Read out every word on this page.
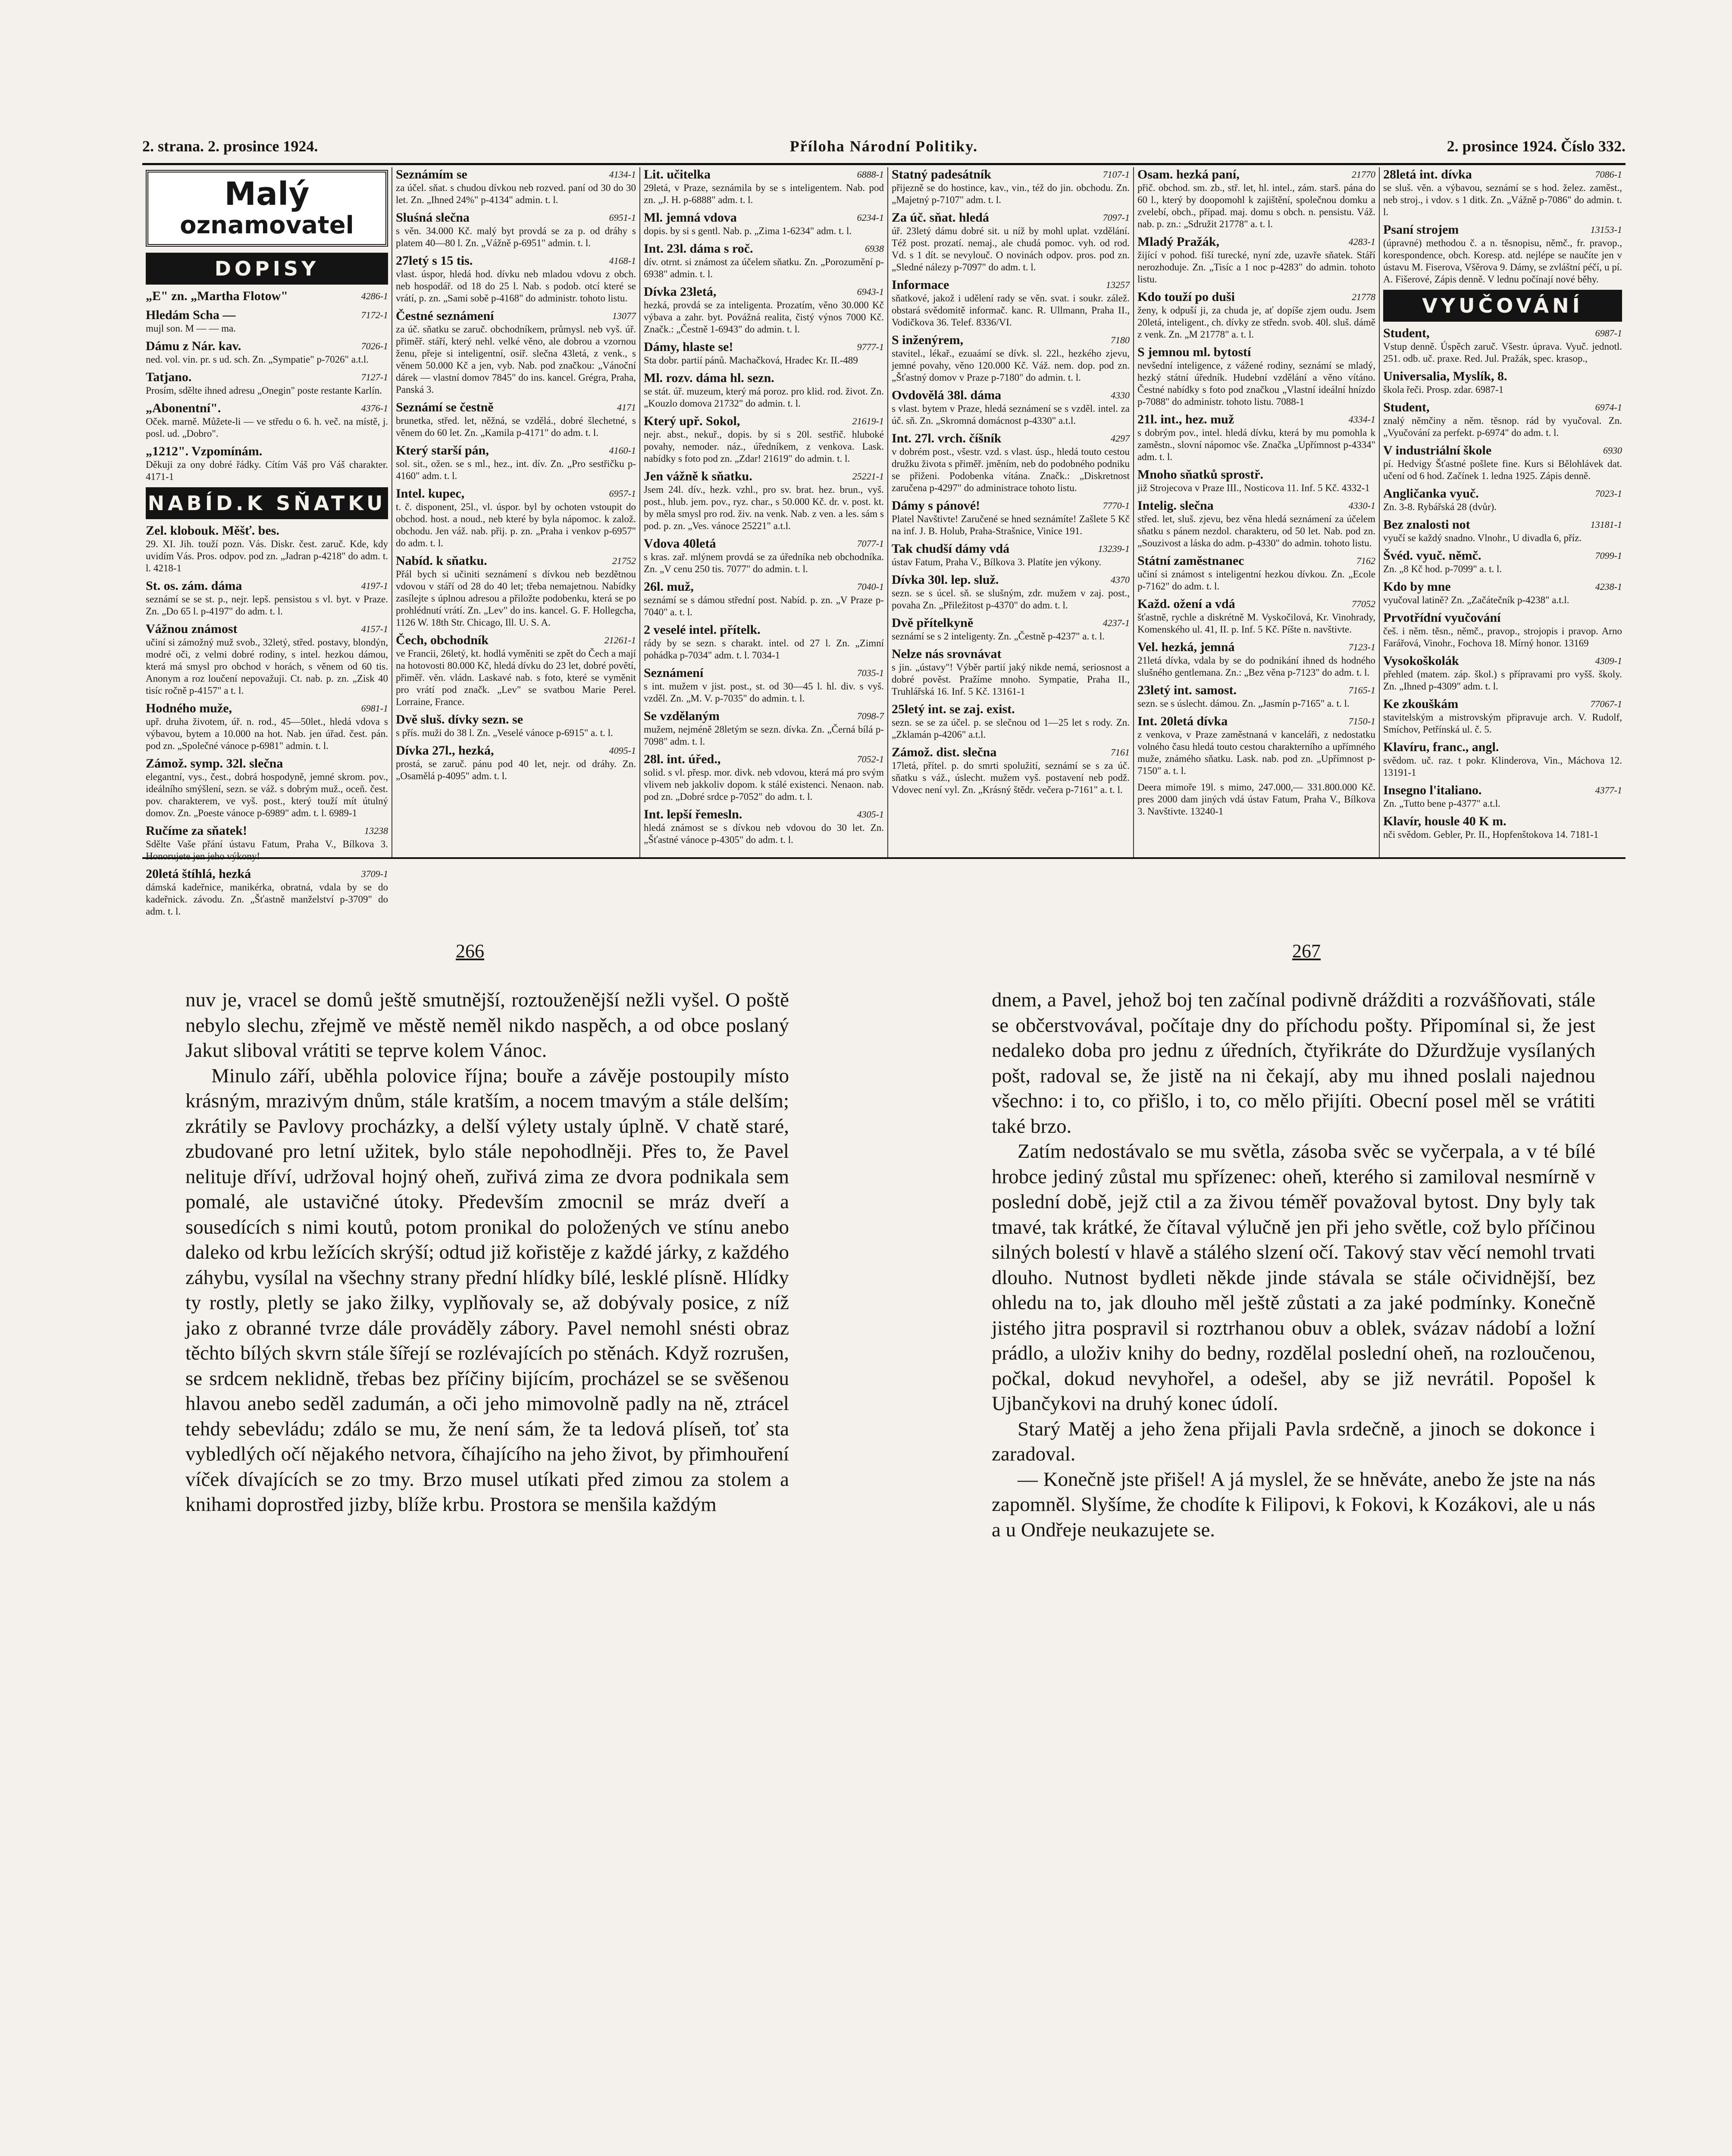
2. strana. 2. prosince 1924.	Příloha Národní Politiky.	2. prosince 1924. Číslo 332.
Malý
oznamovatel
DOPISY
„E" zn. „Martha Flotow"	4286-1
Hledám Scha —	7172-1
mujl son. M — — ma.
Dámu z Nár. kav.	7026-1
ned. vol. vin. pr. s ud. sch. Zn. „Sympatie" p-7026" a.t.l.
Tatjano.	7127-1
Prosím, sdělte ihned adresu „Onegin" poste restante Karlín.
„Abonentní".	4376-1
Oček. marně. Můžete-li — ve středu o 6. h. več. na místě, j. posl. ud. „Dobro".
„1212". Vzpomínám.
Děkuji za ony dobré řádky. Cítím Váš pro Váš charakter. 4171-1
NABÍD.K SŇATKU
Zel. klobouk. Měšť. bes.
29. XI. Jih. touží pozn. Vás. Diskr. čest. zaruč. Kde, kdy uvidím Vás. Pros. odpov. pod zn. „Jadran p-4218" do adm. t. l. 4218-1
St. os. zám. dáma	4197-1
seznámí se se st. p., nejr. lepš. pensistou s vl. byt. v Praze. Zn. „Do 65 l. p-4197" do adm. t. l.
Vážnou známost	4157-1
učiní si zámožný muž svob., 32letý, střed. postavy, blondýn, modré oči, z velmi dobré rodiny, s intel. hezkou dámou, která má smysl pro obchod v horách, s věnem od 60 tis. Anonym a roz loučení nepovažuji. Ct. nab. p. zn. „Zisk 40 tisíc ročně p-4157" a t. l.
Hodného muže,	6981-1
upř. druha životem, úř. n. rod., 45—50let., hledá vdova s výbavou, bytem a 10.000 na hot. Nab. jen úřad. čest. pán. pod zn. „Společné vánoce p-6981" admin. t. l.
Zámož. symp. 32l. slečna
elegantní, vys., čest., dobrá hospodyně, jemné skrom. pov., ideálního smýšlení, sezn. se váž. s dobrým muž., oceň. čest. pov. charakterem, ve vyš. post., který touží mít útulný domov. Zn. „Poeste vánoce p-6989" adm. t. l. 6989-1
Ručíme za sňatek!	13238
Sdělte Vaše přání ústavu Fatum, Praha V., Bílkova 3. Honorujete jen jeho výkony!
20letá štíhlá, hezká	3709-1
dámská kadeřnice, manikérka, obratná, vdala by se do kadeřnick. závodu. Zn. „Šťastně manželství p-3709" do adm. t. l.
Seznámím se	4134-1
za účel. sňat. s chudou dívkou neb rozved. paní od 30 do 30 let. Zn. „Ihned 24%" p-4134" admin. t. l.
Sluśná slečna	6951-1
s věn. 34.000 Kč. malý byt provdá se za p. od dráhy s platem 40—80 l. Zn. „Vážně p-6951" admin. t. l.
27letý s 15 tis.	4168-1
vlast. úspor, hledá hod. dívku neb mladou vdovu z obch. neb hospodář. od 18 do 25 l. Nab. s podob. otcí které se vrátí, p. zn. „Sami sobě p-4168" do administr. tohoto listu.
Čestné seznámení	13077
za úč. sňatku se zaruč. obchodníkem, průmysl. neb vyš. úř. přiměř. stáří, který nehl. velké věno, ale dobrou a vzornou ženu, přeje si inteligentní, osiř. slečna 43letá, z venk., s věnem 50.000 Kč a jen, vyb. Nab. pod značkou: „Vánoční dárek — vlastní domov 7845" do ins. kancel. Grégra, Praha, Panská 3.
Seznámí se čestně	4171
brunetka, střed. let, něžná, se vzdělá., dobré šlechetné, s věnem do 60 let. Zn. „Kamila p-4171" do adm. t. l.
Který starší pán,	4160-1
sol. sit., ožen. se s ml., hez., int. dív. Zn. „Pro sestřičku p-4160" adm. t. l.
Intel. kupec,	6957-1
t. č. disponent, 25l., vl. úspor. byl by ochoten vstoupit do obchod. host. a noud., neb které by byla nápomoc. k založ. obchodu. Jen váž. nab. přij. p. zn. „Praha i venkov p-6957" do adm. t. l.
Nabíd. k sňatku.	21752
Přál bych si učiniti seznámení s dívkou neb bezdětnou vdovou v stáří od 28 do 40 let; třeba nemajetnou. Nabídky zasílejte s úplnou adresou a přiložte podobenku, která se po prohlédnutí vrátí. Zn. „Lev" do ins. kancel. G. F. Hollegcha, 1126 W. 18th Str. Chicago, Ill. U. S. A.
Čech, obchodník	21261-1
ve Francii, 26letý, kt. hodlá vyměniti se zpět do Čech a mají na hotovosti 80.000 Kč, hledá dívku do 23 let, dobré povětí, přiměř. věn. vládn. Laskavé nab. s foto, které se vyměnit pro vrátí pod značk. „Lev" se svatbou Marie Perel. Lorraine, France.
Dvě sluš. dívky sezn. se
s přís. muži do 38 l. Zn. „Veselé vánoce p-6915" a. t. l.
Dívka 27l., hezká,	4095-1
prostá, se zaruč. pánu pod 40 let, nejr. od dráhy. Zn. „Osamělá p-4095" adm. t. l.
Lit. učitelka	6888-1
29letá, v Praze, seznámila by se s inteligentem. Nab. pod zn. „J. H. p-6888" adm. t. l.
Ml. jemná vdova	6234-1
dopis. by si s gentl. Nab. p. „Zima 1-6234" adm. t. l.
Int. 23l. dáma s roč.	6938
dív. otrnt. si známost za účelem sňatku. Zn. „Porozumění p-6938" admin. t. l.
Dívka 23letá,	6943-1
hezká, provdá se za inteligenta. Prozatím, věno 30.000 Kč výbava a zahr. byt. Povážná realita, čistý výnos 7000 Kč. Značk.: „Čestně 1-6943" do admin. t. l.
Dámy, hlaste se!	9777-1
Sta dobr. partií pánů. Machačková, Hradec Kr. II.-489
Ml. rozv. dáma hl. sezn.
se stát. úř. muzeum, který má poroz. pro klid. rod. život. Zn. „Kouzlo domova 21732" do admin. t. l.
Který upř. Sokol,	21619-1
nejr. abst., nekuř., dopis. by si s 20l. sestřič. hluboké povahy, nemoder. náz., úředníkem, z venkova. Lask. nabídky s foto pod zn. „Zdar! 21619" do admin. t. l.
Jen vážně k sňatku.	25221-1
Jsem 24l. dív., hezk. vzhl., pro sv. brat. hez. brun., vyš. post., hlub. jem. pov., ryz. char., s 50.000 Kč. dr. v. post. kt. by měla smysl pro rod. živ. na venk. Nab. z ven. a les. sám s pod. p. zn. „Ves. vánoce 25221" a.t.l.
Vdova 40letá	7077-1
s kras. zař. mlýnem provdá se za úředníka neb obchodníka. Zn. „V cenu 250 tis. 7077" do admin. t. l.
26l. muž,	7040-1
seznámí se s dámou střední post. Nabíd. p. zn. „V Praze p-7040" a. t. l.
2 veselé intel. přítelk.
rády by se sezn. s charakt. intel. od 27 l. Zn. „Zimní pohádka p-7034" adm. t. l. 7034-1
Seznámení	7035-1
s int. mužem v jist. post., st. od 30—45 l. hl. div. s vyš. vzděl. Zn. „M. V. p-7035" do admin. t. l.
Se vzdělaným	7098-7
mužem, nejméně 28letým se sezn. dívka. Zn. „Černá bílá p-7098" adm. t. l.
28l. int. úřed.,	7052-1
solid. s vl. přesp. mor. divk. neb vdovou, která má pro svým vlivem neb jakkoliv dopom. k stálé existenci. Nenaon. nab. pod zn. „Dobré srdce p-7052" do adm. t. l.
Int. lepší řemesln.	4305-1
hledá známost se s dívkou neb vdovou do 30 let. Zn. „Šťastné vánoce p-4305" do adm. t. l.
Statný padesátník	7107-1
přijezně se do hostince, kav., vin., též do jin. obchodu. Zn. „Majetný p-7107" adm. t. l.
Za úč. sňat. hledá	7097-1
úř. 23letý dámu dobré sit. u níž by mohl uplat. vzdělání. Též post. prozatí. nemaj., ale chudá pomoc. vyh. od rod. Vd. s 1 dít. se nevylouč. O novinách odpov. pros. pod zn. „Sledné nálezy p-7097" do adm. t. l.
Informace	13257
sňatkové, jakož i udělení rady se věn. svat. i soukr. zálež. obstará svědomitě informač. kanc. R. Ullmann, Praha II., Vodičkova 36. Telef. 8336/VI.
S inženýrem,	7180
stavitel., lékař., ezuaámí se dívk. sl. 22l., hezkého zjevu, jemné povahy, věno 120.000 Kč. Váž. nem. dop. pod zn. „Šťastný domov v Praze p-7180" do admin. t. l.
Ovdovělá 38l. dáma	4330
s vlast. bytem v Praze, hledá seznámení se s vzděl. intel. za úč. sň. Zn. „Skromná domácnost p-4330" a.t.l.
Int. 27l. vrch. číšník	4297
v dobrém post., všestr. vzd. s vlast. úsp., hledá touto cestou družku života s přiměř. jměním, neb do podobného podniku se přiženi. Podobenka vítána. Značk.: „Diskretnost zaručena p-4297" do administrace tohoto listu.
Dámy s pánové!	7770-1
Platel Navštivte! Zaručené se hned seznámíte! Zašlete 5 Kč na inf. J. B. Holub, Praha-Strašnice, Vinice 191.
Tak chudší dámy vdá	13239-1
ústav Fatum, Praha V., Bílkova 3. Platíte jen výkony.
Dívka 30l. lep. služ.	4370
sezn. se s úcel. sň. se slušným, zdr. mužem v zaj. post., povaha Zn. „Přiležitost p-4370" do adm. t. l.
Dvě přítelkyně	4237-1
seznámí se s 2 inteligenty. Zn. „Čestně p-4237" a. t. l.
Nelze nás srovnávat
s jin. „ústavy"! Výběr partií jaký nikde nemá, seriosnost a dobré pověst. Pražíme mnoho. Sympatie, Praha II., Truhlářská 16. Inf. 5 Kč. 13161-1
25letý int. se zaj. exist.
sezn. se se za účel. p. se slečnou od 1—25 let s rody. Zn. „Zklamán p-4206" a.t.l.
Zámož. dist. slečna	7161
17letá, přítel. p. do smrti spolužití, seznámí se s za úč. sňatku s váž., úslecht. mužem vyš. postavení neb podž. Vdovec není vyl. Zn. „Krásný štědr. večera p-7161" a. t. l.
Osam. hezká paní,	21770
přič. obchod. sm. zb., stř. let, hl. intel., zám. starš. pána do 60 l., který by doopomohl k zajištění, společnou domku a zvelebí, obch., případ. maj. domu s obch. n. pensistu. Váž. nab. p. zn.: „Sdružit 21778" a. t. l.
Mladý Pražák,	4283-1
žijící v pohod. fiší turecké, nyní zde, uzavře sňatek. Stáří nerozhoduje. Zn. „Tisíc a 1 noc p-4283" do admin. tohoto listu.
Kdo touží po duši	21778
ženy, k odpuší ji, za chuda je, ať dopíše zjem oudu. Jsem 20letá, inteligent., ch. dívky ze středn. svob. 40l. sluš. dámě z venk. Zn. „M 21778" a. t. l.
S jemnou ml. bytostí
nevšední inteligence, z vážené rodiny, seznámí se mladý, hezký státní úředník. Hudební vzdělání a věno vítáno. Čestné nabídky s foto pod značkou „Vlastní ideální hnízdo p-7088" do administr. tohoto listu. 7088-1
21l. int., hez. muž	4334-1
s dobrým pov., intel. hledá dívku, která by mu pomohla k zaměstn., slovní nápomoc vše. Značka „Upřímnost p-4334" adm. t. l.
Mnoho sňatků sprostř.
již Strojecova v Praze III., Nosticova 11. Inf. 5 Kč. 4332-1
Intelig. slečna	4330-1
střed. let, sluš. zjevu, bez věna hledá seznámení za účelem sňatku s pánem nezdol. charakteru, od 50 let. Nab. pod zn. „Souzivost a láska do adm. p-4330" do admin. tohoto listu.
Státní zaměstnanec	7162
učiní si známost s inteligentní hezkou dívkou. Zn. „Ecole p-7162" do adm. t. l.
Každ. ožení a vdá	77052
šťastně, rychle a diskrétně M. Vyskočilová, Kr. Vinohrady, Komenského ul. 41, II. p. Inf. 5 Kč. Píšte n. navštivte.
Vel. hezká, jemná	7123-1
21letá dívka, vdala by se do podnikání ihned ds hodného slušného gentlemana. Zn.: „Bez věna p-7123" do adm. t. l.
23letý int. samost.	7165-1
sezn. se s úslecht. dámou. Zn. „Jasmín p-7165" a. t. l.
Int. 20letá dívka	7150-1
z venkova, v Praze zaměstnaná v kanceláři, z nedostatku volného času hledá touto cestou charakterního a upřímného muže, známého sňatku. Lask. nab. pod zn. „Upřímnost p-7150" a. t. l.
Deera mimoře 19l. s mimo, 247.000,— 331.800.000 Kč. pres 2000 dam jiných vdá ústav Fatum, Praha V., Bílkova 3. Navštivte. 13240-1
28letá int. dívka	7086-1
se sluš. věn. a výbavou, seznámí se s hod. želez. zaměst., neb stroj., i vdov. s 1 ditk. Zn. „Vážně p-7086" do admin. t. l.
Psaní strojem	13153-1
(úpravné) methodou č. a n. těsnopisu, němč., fr. pravop., korespondence, obch. Koresp. atd. nejlépe se naučíte jen v ústavu M. Fiserova, Všěrova 9. Dámy, se zvláštní péčí, u pí. A. Fišerové, Zápis denně. V lednu počínají nové běhy.
VYUČOVÁNÍ
Student,	6987-1
Vstup denně. Úspěch zaruč. Všestr. úprava. Vyuč. jednotl. 251. odb. uč. praxe. Red. Jul. Pražák, spec. krasop.,
Universalia, Myslík, 8.
škola řeči. Prosp. zdar. 6987-1
Student,	6974-1
znalý němčiny a něm. těsnop. rád by vyučoval. Zn. „Vyučování za perfekt. p-6974" do adm. t. l.
V industriální škole	6930
pí. Hedvigy Šťastné pošlete fine. Kurs si Bělohlávek dat. učení od 6 hod. Začínek 1. ledna 1925. Zápis denně.
Angličanka vyuč.	7023-1
Zn. 3-8. Rybářská 28 (dvůr).
Bez znalosti not	13181-1
vyučí se každý snadno. Vlnohr., U divadla 6, příz.
Švéd. vyuč. němč.	7099-1
Zn. „8 Kč hod. p-7099" a. t. l.
Kdo by mne	4238-1
vyučoval latině? Zn. „Začátečník p-4238" a.t.l.
Prvotřídní vyučování
češ. i něm. těsn., němč., pravop., strojopis i pravop. Arno Farářová, Vinohr., Fochova 18. Mírný honor. 13169
Vysokoškolák	4309-1
přehled (matem. záp. škol.) s přípravami pro vyšš. školy. Zn. „Ihned p-4309" adm. t. l.
Ke zkouškám	77067-1
stavitelským a mistrovským připravuje arch. V. Rudolf, Smíchov, Petřínská ul. č. 5.
Klavíru, franc., angl.
svědom. uč. raz. t pokr. Klinderova, Vin., Máchova 12. 13191-1
Insegno l'italiano.	4377-1
Zn. „Tutto bene p-4377" a.t.l.
Klavír, housle 40 K m.
nči svědom. Gebler, Pr. II., Hopfenštokova 14. 7181-1
266	267

nuv je, vracel se domů ještě smutnější, roztouženější nežli vyšel. O poště nebylo slechu, zřejmě ve městě neměl nikdo naspěch, a od obce poslaný Jakut sliboval vrátiti se teprve kolem Vánoc.

Minulo září, uběhla polovice října; bouře a závěje postoupily místo krásným, mrazivým dnům, stále kratším, a nocem tmavým a stále delším; zkrátily se Pavlovy procházky, a delší výlety ustaly úplně. V chatě staré, zbudované pro letní užitek, bylo stále nepohodlněji. Přes to, že Pavel nelituje dříví, udržoval hojný oheň, zuřivá zima ze dvora podnikala sem pomalé, ale ustavičné útoky. Především zmocnil se mráz dveří a sousedících s nimi koutů, potom pronikal do položených ve stínu anebo daleko od krbu ležících skrýší; odtud již kořistěje z každé járky, z každého záhybu, vysílal na všechny strany přední hlídky bílé, lesklé plísně. Hlídky ty rostly, pletly se jako žilky, vyplňovaly se, až dobývaly posice, z níž jako z obranné tvrze dále prováděly zábory. Pavel nemohl snésti obraz těchto bílých skvrn stále šířejí se rozlévajících po stěnách. Když rozrušen, se srdcem neklidně, třebas bez příčiny bijícím, procházel se se svěšenou hlavou anebo seděl zadumán, a oči jeho mimovolně padly na ně, ztrácel tehdy sebevládu; zdálo se mu, že není sám, že ta ledová plíseň, toť sta vybledlých očí nějakého netvora, číhajícího na jeho život, by přimhouření víček dívajících se zo tmy. Brzo musel utíkati před zimou za stolem a knihami doprostřed jizby, blíže krbu. Prostora se menšila každým

dnem, a Pavel, jehož boj ten začínal podivně drážditi a rozvášňovati, stále se občerstvovával, počítaje dny do příchodu pošty. Připomínal si, že jest nedaleko doba pro jednu z úředních, čtyřikráte do Džurdžuje vysílaných pošt, radoval se, že jistě na ni čekají, aby mu ihned poslali najednou všechno: i to, co přišlo, i to, co mělo přijíti. Obecní posel měl se vrátiti také brzo.

Zatím nedostávalo se mu světla, zásoba svěc se vyčerpala, a v té bílé hrobce jediný zůstal mu spřízenec: oheň, kterého si zamiloval nesmírně v poslední době, jejž ctil a za živou téměř považoval bytost. Dny byly tak tmavé, tak krátké, že čítaval výlučně jen při jeho světle, což bylo příčinou silných bolestí v hlavě a stálého slzení očí. Takový stav věcí nemohl trvati dlouho. Nutnost bydleti někde jinde stávala se stále očividnější, bez ohledu na to, jak dlouho měl ještě zůstati a za jaké podmínky. Konečně jistého jitra pospravil si roztrhanou obuv a oblek, svázav nádobí a ložní prádlo, a uloživ knihy do bedny, rozdělal poslední oheň, na rozloučenou, počkal, dokud nevyhořel, a odešel, aby se již nevrátil. Popošel k Ujbančykovi na druhý konec údolí.

Starý Matěj a jeho žena přijali Pavla srdečně, a jinoch se dokonce i zaradoval.

— Konečně jste přišel! A já myslel, že se hněváte, anebo že jste na nás zapomněl. Slyšíme, že chodíte k Filipovi, k Fokovi, k Kozákovi, ale u nás a u Ondřeje neukazujete se.
